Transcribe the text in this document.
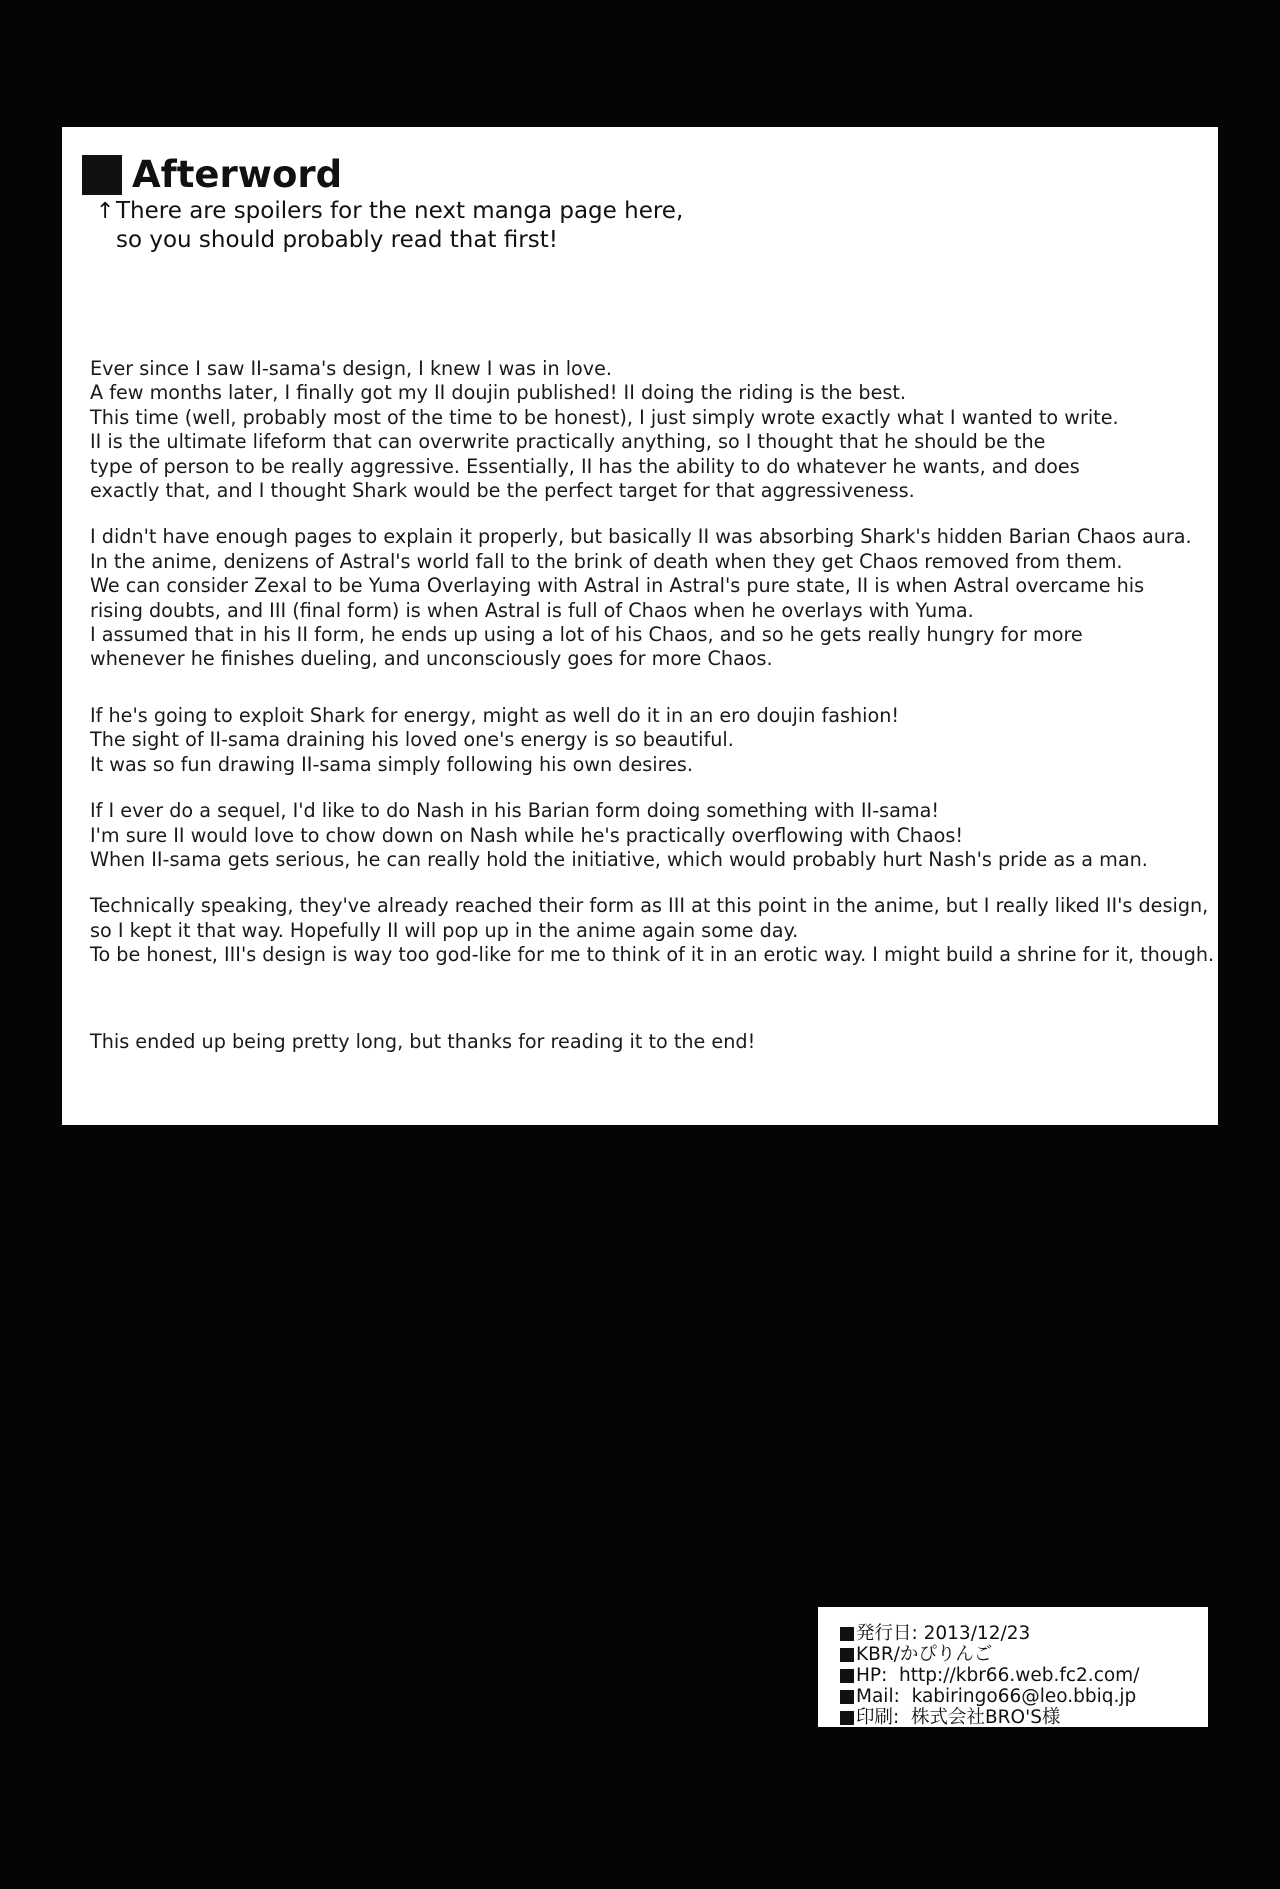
Afterword
↑There are spoilers for the next manga page here,
so you should probably read that first!

Ever since I saw II-sama's design, I knew I was in love.

A few months later, I finally got my II doujin published! II doing the riding is the best.

This time (well, probably most of the time to be honest), I just simply wrote exactly what I wanted to write.

II is the ultimate lifeform that can overwrite practically anything, so I thought that he should be the

type of person to be really aggressive. Essentially, II has the ability to do whatever he wants, and does

exactly that, and I thought Shark would be the perfect target for that aggressiveness.

I didn't have enough pages to explain it properly, but basically II was absorbing Shark's hidden Barian Chaos aura.

In the anime, denizens of Astral's world fall to the brink of death when they get Chaos removed from them.

We can consider Zexal to be Yuma Overlaying with Astral in Astral's pure state, II is when Astral overcame his

rising doubts, and III (final form) is when Astral is full of Chaos when he overlays with Yuma.

I assumed that in his II form, he ends up using a lot of his Chaos, and so he gets really hungry for more

whenever he finishes dueling, and unconsciously goes for more Chaos.

If he's going to exploit Shark for energy, might as well do it in an ero doujin fashion!

The sight of II-sama draining his loved one's energy is so beautiful.

It was so fun drawing II-sama simply following his own desires.

If I ever do a sequel, I'd like to do Nash in his Barian form doing something with II-sama!

I'm sure II would love to chow down on Nash while he's practically overflowing with Chaos!

When II-sama gets serious, he can really hold the initiative, which would probably hurt Nash's pride as a man.

Technically speaking, they've already reached their form as III at this point in the anime, but I really liked II's design,

so I kept it that way. Hopefully II will pop up in the anime again some day.

To be honest, III's design is way too god-like for me to think of it in an erotic way. I might build a shrine for it, though.

This ended up being pretty long, but thanks for reading it to the end!

発行日: 2013/12/23
KBR/かぴりんご
HP:  http://kbr66.web.fc2.com/
Mail:  kabiringo66@leo.bbiq.jp
印刷:  株式会社BRO'S様
